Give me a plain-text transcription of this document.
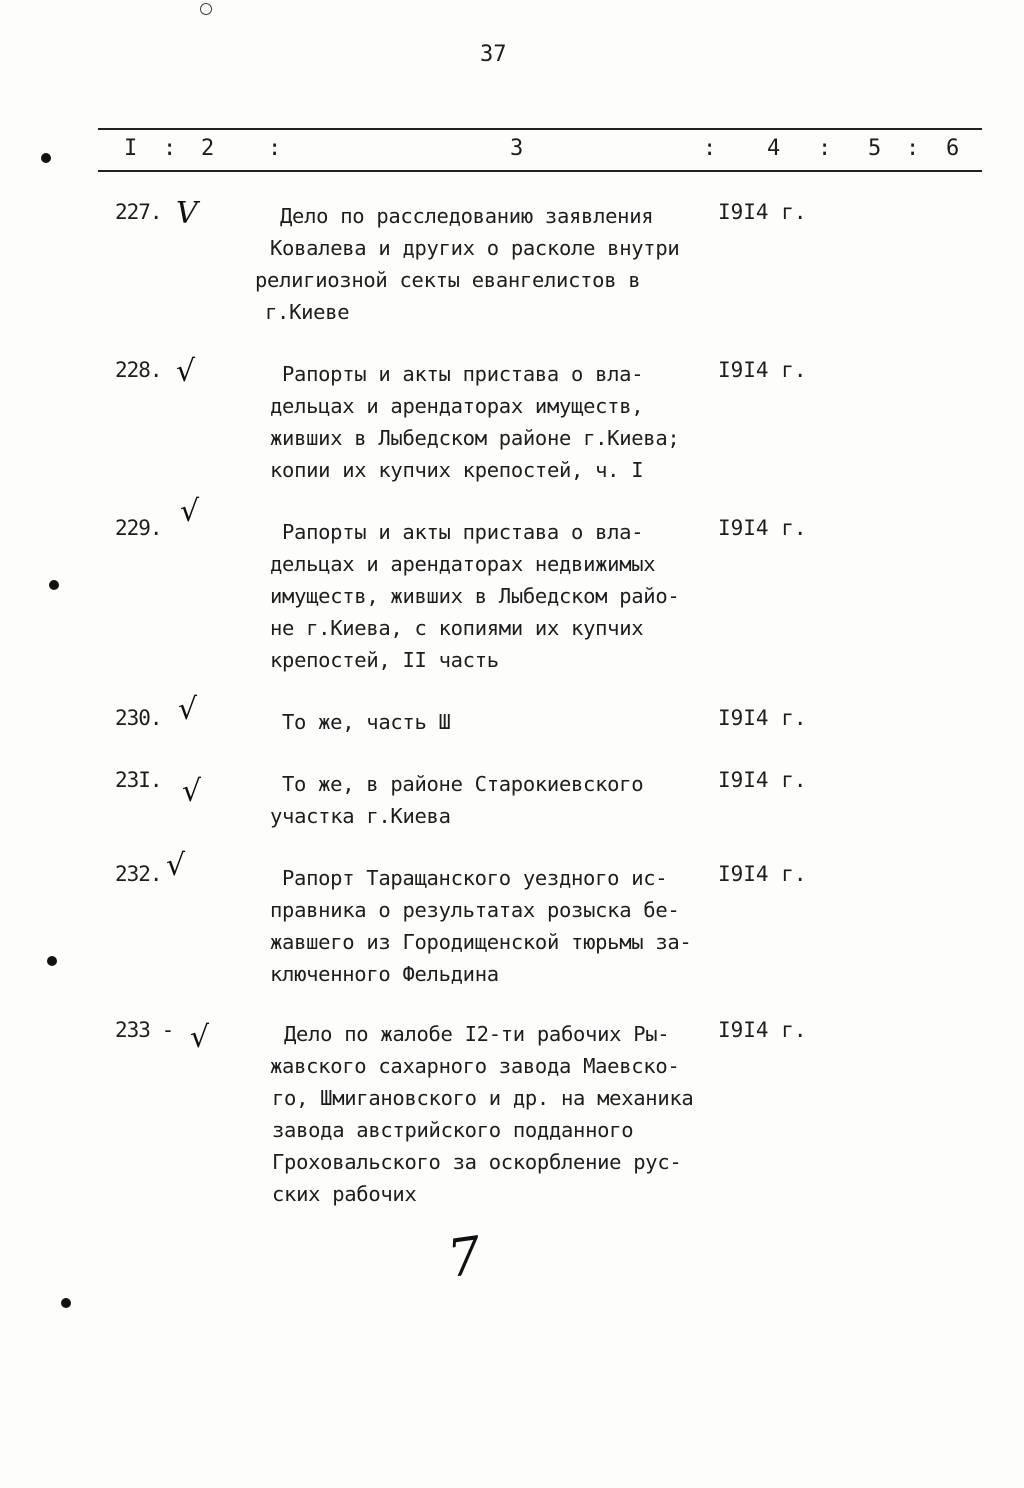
37
I : 2 :	3	: 4 : 5 : 6
227. V	Дело по расследованию заявления
Ковалева и других о расколе внутри
религиозной секты евангелистов в
г.Киеве
I9I4 г.
228. √	Рапорты и акты пристава о вла-
дельцах и арендаторах имуществ,
живших в Лыбедском районе г.Киева;
копии их купчих крепостей, ч. I
I9I4 г.
229. √
Рапорты и акты пристава о вла-
дельцах и арендаторах недвижимых
имуществ, живших в Лыбедском райо-
не г.Киева, с копиями их купчих
крепостей, II часть
I9I4 г.
230. √	То же, часть Ш	I9I4 г.
23I. √	То же, в районе Старокиевского
участка г.Киева
I9I4 г.
232. √	Рапорт Таращанского уездного ис-
правника о результатах розыска бе-
жавшего из Городищенской тюрьмы за-
ключенного Фельдина
I9I4 г.
233 - √	Дело по жалобе I2-ти рабочих Ры-
жавского сахарного завода Маевско-
го, Шмигановского и др. на механика
завода австрийского подданного
Гроховальского за оскорбление рус-
ских рабочих
I9I4 г.
7
